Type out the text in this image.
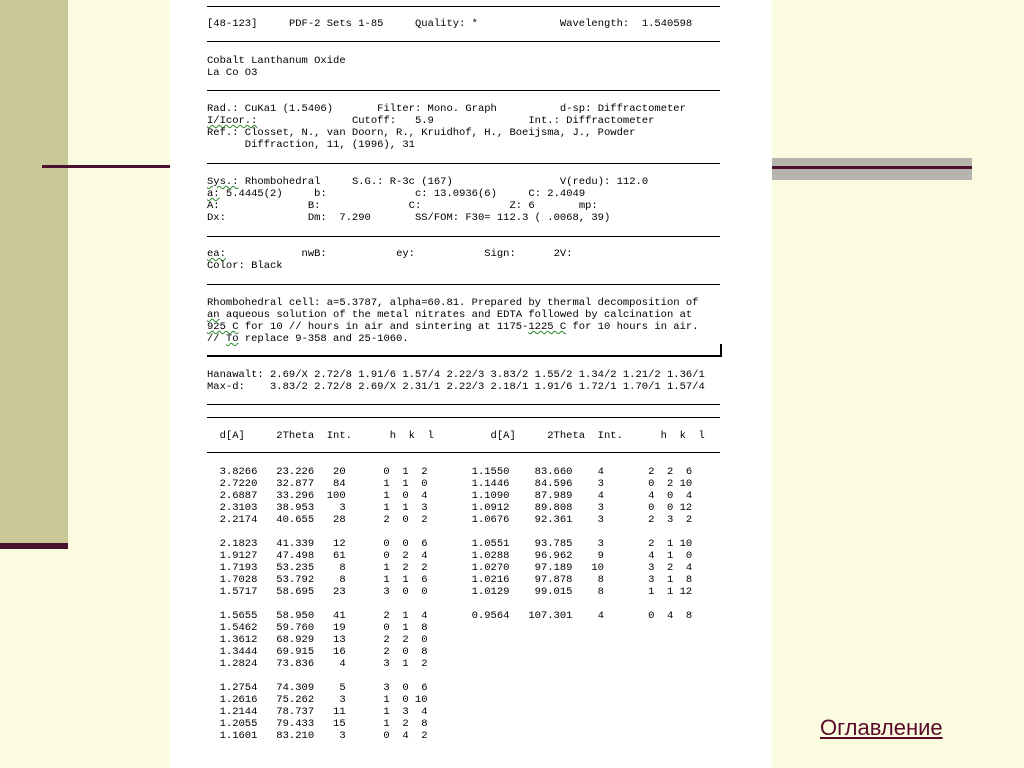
[48-123]	PDF-2 Sets 1-85	Quality: *	Wavelength:  1.540598
Cobalt Lanthanum Oxide
La Co O3
Rad.: CuKa1 (1.5406)	Filter: Mono. Graph	d-sp: Diffractometer
I/Icor.:	Cutoff:   5.9	Int.: Diffractometer
Ref.: Closset, N., van Doorn, R., Kruidhof, H., Boeijsma, J., Powder
Diffraction, 11, (1996), 31
Sys.: Rhombohedral	S.G.: R-3c (167)	V(redu): 112.0
a: 5.4445(2)	b:	c: 13.0936(6)	C: 2.4049
A:	B:	C:	Z: 6	mp:
Dx:	Dm:  7.290	SS/FOM: F30= 112.3 ( .0068, 39)
ea:	nwB:	ey:	Sign:	2V:
Color: Black
Rhombohedral cell: a=5.3787, alpha=60.81. Prepared by thermal decomposition of
an aqueous solution of the metal nitrates and EDTA followed by calcination at
925 C for 10 // hours in air and sintering at 1175-1225 C for 10 hours in air.
// To replace 9-358 and 25-1060.
Hanawalt: 2.69/X 2.72/8 1.91/6 1.57/4 2.22/3 3.83/2 1.55/2 1.34/2 1.21/2 1.36/1
Max-d:    3.83/2 2.72/8 2.69/X 2.31/1 2.22/3 2.18/1 1.91/6 1.72/1 1.70/1 1.57/4
d[A]     2Theta  Int.      h  k  l         d[A]     2Theta  Int.      h  k  l
3.8266   23.226   20      0  1  2       1.1550    83.660    4       2  2  6
2.7220   32.877   84      1  1  0       1.1446    84.596    3       0  2 10
2.6887   33.296  100      1  0  4       1.1090    87.989    4       4  0  4
2.3103   38.953    3      1  1  3       1.0912    89.808    3       0  0 12
2.2174   40.655   28      2  0  2       1.0676    92.361    3       2  3  2
2.1823   41.339   12      0  0  6       1.0551    93.785    3       2  1 10
1.9127   47.498   61      0  2  4       1.0288    96.962    9       4  1  0
1.7193   53.235    8      1  2  2       1.0270    97.189   10       3  2  4
1.7028   53.792    8      1  1  6       1.0216    97.878    8       3  1  8
1.5717   58.695   23      3  0  0       1.0129    99.015    8       1  1 12
1.5655   58.950   41      2  1  4       0.9564   107.301    4       0  4  8
1.5462   59.760   19      0  1  8
1.3612   68.929   13      2  2  0
1.3444   69.915   16      2  0  8
1.2824   73.836    4      3  1  2
1.2754   74.309    5      3  0  6
1.2616   75.262    3      1  0 10
1.2144   78.737   11      1  3  4
1.2055   79.433   15      1  2  8
1.1601   83.210    3      0  4  2	Оглавление
